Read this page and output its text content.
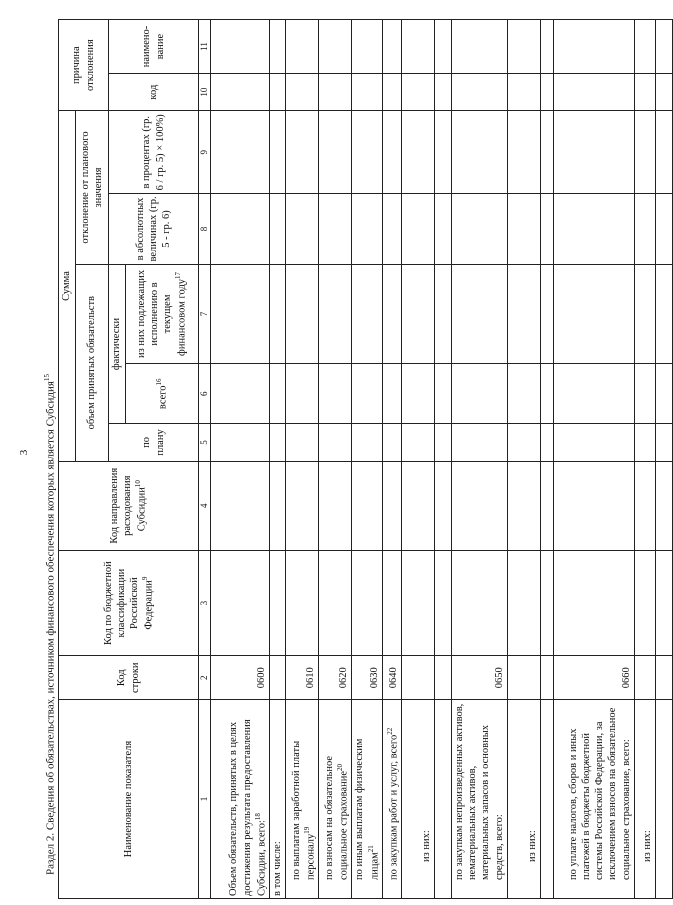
3 Раздел 2. Сведения об обязательствах, источником финансового обеспечения которых является Субсидия$^{15}$
Наименование показателя	Код строки	Код по бюджетной классификации Российской Федерации$^9$	Код направления расходования Субсидии$^{10}$	Сумма					причина отклонения	
				объем принятых обязательств			отклонение от планового значения			
				по плану	фактически		в абсолютных величинах (гр. 5 - гр. 6)	в процентах (гр. 6 / гр. 5) × 100%)	код	наимено-вание
					всего$^{16}$	из них подлежащих исполнению в текущем финансовом году$^{17}$
1	2	3	4	5	6	7	8	9	10	11
Объем обязательств, принятых в целях достижения результата предоставления Субсидии, всего:$^{18}$	0600									
в том числе:										
по выплатам заработной платы персоналу$^{19}$	0610									
по взносам на обязательное социальное страхование$^{20}$	0620									
по иным выплатам физическим лицам$^{21}$	0630									
по закупкам работ и услуг, всего$^{22}$	0640									
из них:										

по закупкам непроизведенных активов, нематериальных активов, материальных запасов и основных средств, всего:	0650									
из них:										

по уплате налогов, сборов и иных платежей в бюджеты бюджетной системы Российской Федерации, за исключением взносов на обязательное социальное страхование, всего:	0660									
из них:										
